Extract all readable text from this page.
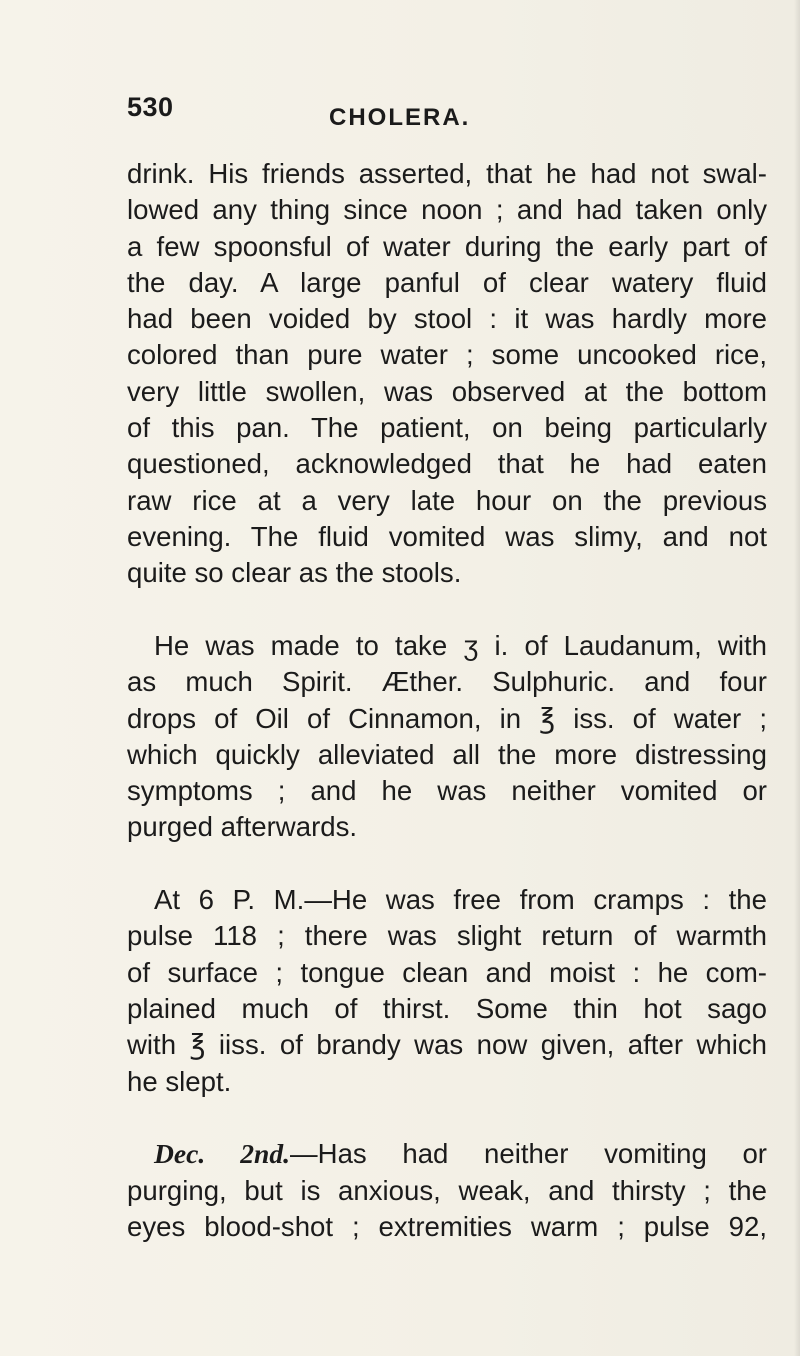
530	CHOLERA.
drink. His friends asserted, that he had not swal-
lowed any thing since noon ; and had taken only
a few spoonsful of water during the early part of
the day. A large panful of clear watery fluid
had been voided by stool : it was hardly more
colored than pure water ; some uncooked rice,
very little swollen, was observed at the bottom
of this pan. The patient, on being particularly
questioned, acknowledged that he had eaten
raw rice at a very late hour on the previous
evening. The fluid vomited was slimy, and not
quite so clear as the stools.
He was made to take ʒ i. of Laudanum, with
as much Spirit. Æther. Sulphuric. and four
drops of Oil of Cinnamon, in ℥ iss. of water ;
which quickly alleviated all the more distressing
symptoms ; and he was neither vomited or
purged afterwards.
At 6 P. M.—He was free from cramps : the
pulse 118 ; there was slight return of warmth
of surface ; tongue clean and moist : he com-
plained much of thirst. Some thin hot sago
with ℥ iiss. of brandy was now given, after which
he slept.
Dec. 2nd.—Has had neither vomiting or
purging, but is anxious, weak, and thirsty ; the
eyes blood-shot ; extremities warm ; pulse 92,
